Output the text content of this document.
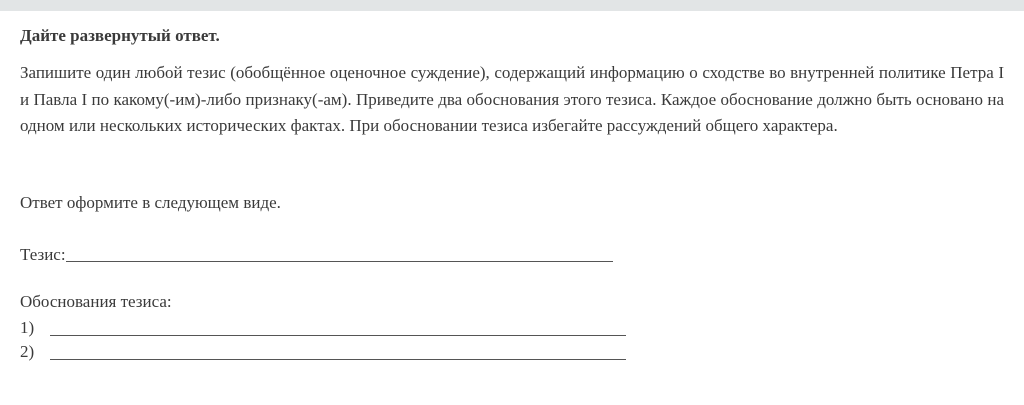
Дайте развернутый ответ.

Запишите один любой тезис (обобщённое оценочное суждение), содержащий информацию о сходстве во внутренней политике Петра I и Павла I по какому(-им)-либо признаку(-ам). Приведите два обоснования этого тезиса. Каждое обоснование должно быть основано на одном или нескольких исторических фактах. При обосновании тезиса избегайте рассуждений общего характера.

Ответ оформите в следующем виде.

Тезис:

Обоснования тезиса:

1)
2)
